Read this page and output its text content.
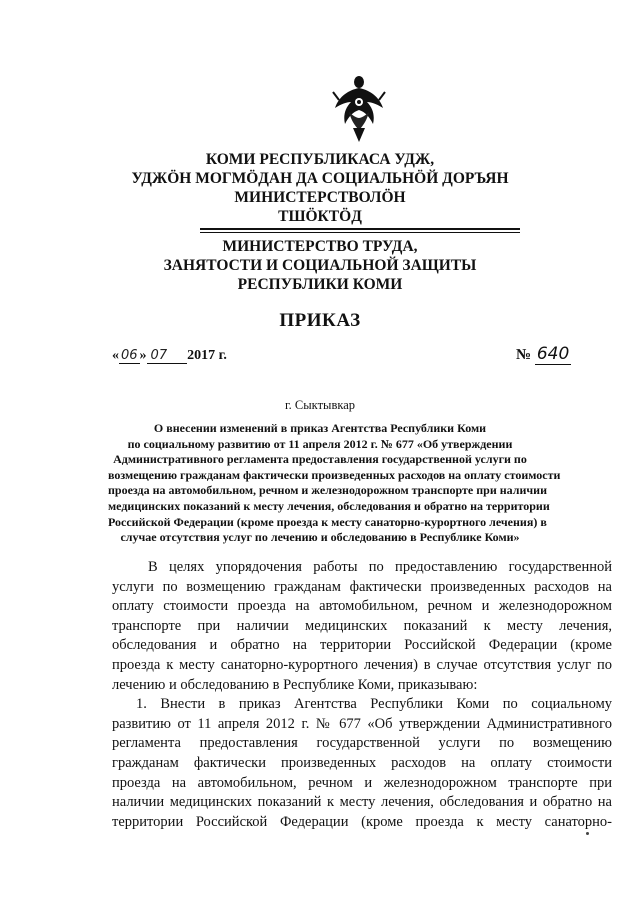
КОМИ РЕСПУБЛИКАСА УДЖ,
УДЖӦН МОГМӦДАН ДА СОЦИАЛЬНӦЙ ДОРЪЯН
МИНИСТЕРСТВОЛӦН
ТШӦКТӦД
МИНИСТЕРСТВО ТРУДА,
ЗАНЯТОСТИ И СОЦИАЛЬНОЙ ЗАЩИТЫ
РЕСПУБЛИКИ КОМИ
ПРИКАЗ
« 06 » 07 2017 г.	№ 640
г. Сыктывкар
О внесении изменений в приказ Агентства Республики Коми
по социальному развитию от 11 апреля 2012 г. № 677 «Об утверждении
Административного регламента предоставления государственной услуги по
возмещению гражданам фактически произведенных расходов на оплату стоимости
проезда на автомобильном, речном и железнодорожном транспорте при наличии
медицинских показаний к месту лечения, обследования и обратно на территории
Российской Федерации (кроме проезда к месту санаторно-курортного лечения) в
случае отсутствия услуг по лечению и обследованию в Республике Коми»
В целях упорядочения работы по предоставлению государственной
услуги по возмещению гражданам фактически произведенных расходов на
оплату стоимости проезда на автомобильном, речном и железнодорожном
транспорте при наличии медицинских показаний к месту лечения,
обследования и обратно на территории Российской Федерации (кроме
проезда к месту санаторно-курортного лечения) в случае отсутствия услуг по
лечению и обследованию в Республике Коми, приказываю:
1. Внести в приказ Агентства Республики Коми по социальному
развитию от 11 апреля 2012 г. № 677 «Об утверждении Административного
регламента предоставления государственной услуги по возмещению
гражданам фактически произведенных расходов на оплату стоимости
проезда на автомобильном, речном и железнодорожном транспорте при
наличии медицинских показаний к месту лечения, обследования и обратно на
территории Российской Федерации (кроме проезда к месту санаторно-
